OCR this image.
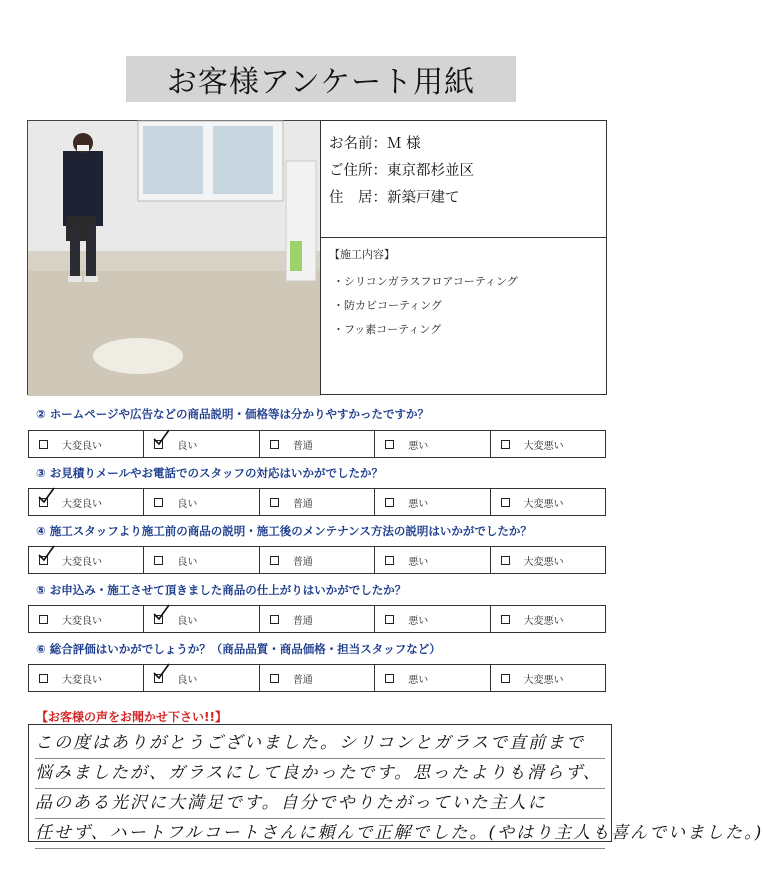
お客様アンケート用紙
お名前：Ｍ 様
ご住所：東京都杉並区
住　居：新築戸建て
【施工内容】
・シリコンガラスフロアコーティング
・防カビコーティング
・フッ素コーティング
② ホームページや広告などの商品説明・価格等は分かりやすかったですか？
大変良い	良い	普通	悪い	大変悪い
③ お見積りメールやお電話でのスタッフの対応はいかがでしたか？
大変良い	良い	普通	悪い	大変悪い
④ 施工スタッフより施工前の商品の説明・施工後のメンテナンス方法の説明はいかがでしたか？
大変良い	良い	普通	悪い	大変悪い
⑤ お申込み・施工させて頂きました商品の仕上がりはいかがでしたか？
大変良い	良い	普通	悪い	大変悪い
⑥ 総合評価はいかがでしょうか？（商品品質・商品価格・担当スタッフなど）
大変良い	良い	普通	悪い	大変悪い
【お客様の声をお聞かせ下さい!!】
この度はありがとうございました。シリコンとガラスで直前まで
悩みましたが、ガラスにして良かったです。思ったよりも滑らず、
品のある光沢に大満足です。自分でやりたがっていた主人に
任せず、ハートフルコートさんに頼んで正解でした。(やはり主人も喜んでいました。)
